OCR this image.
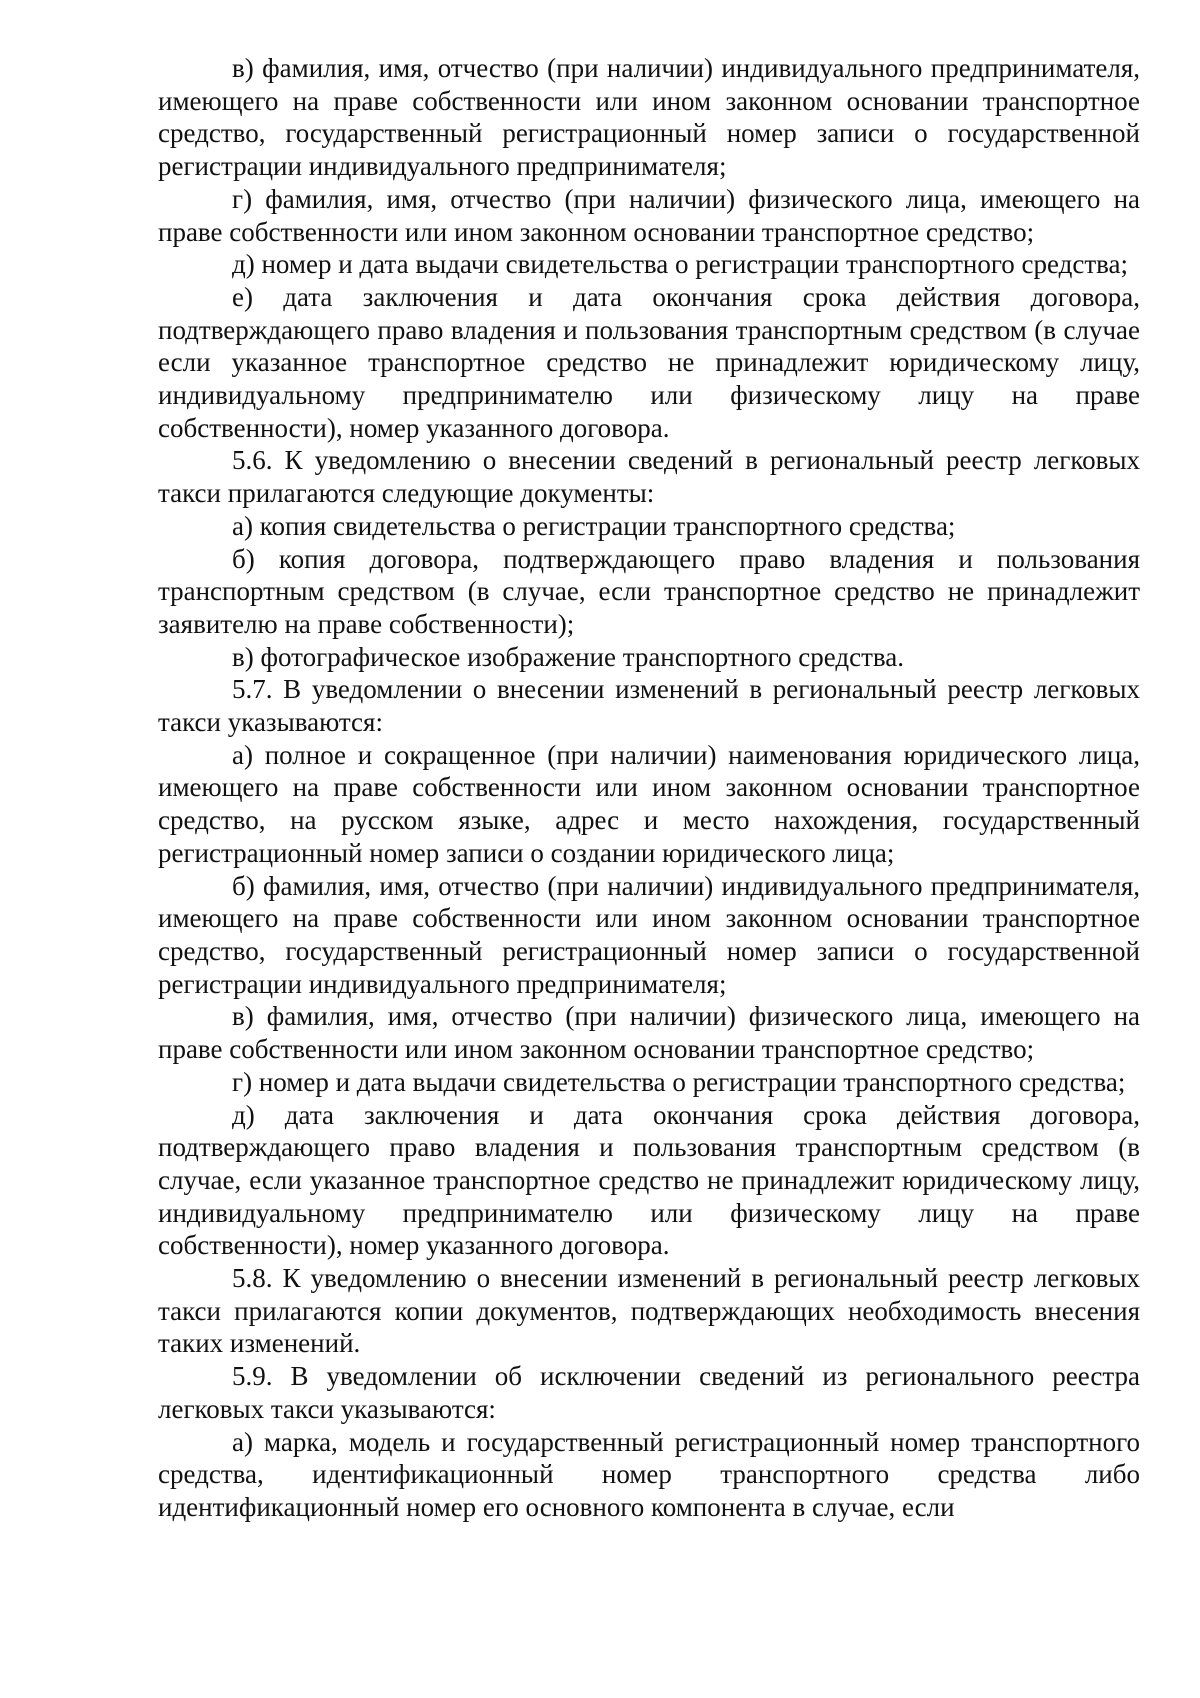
в) фамилия, имя, отчество (при наличии) индивидуального предпринимателя, имеющего на праве собственности или ином законном основании транспортное средство, государственный регистрационный номер записи о государственной регистрации индивидуального предпринимателя;

г) фамилия, имя, отчество (при наличии) физического лица, имеющего на праве собственности или ином законном основании транспортное средство;

д) номер и дата выдачи свидетельства о регистрации транспортного средства;

е) дата заключения и дата окончания срока действия договора, подтверждающего право владения и пользования транспортным средством (в случае если указанное транспортное средство не принадлежит юридическому лицу, индивидуальному предпринимателю или физическому лицу на праве собственности), номер указанного договора.

5.6. К уведомлению о внесении сведений в региональный реестр легковых такси прилагаются следующие документы:

а) копия свидетельства о регистрации транспортного средства;

б) копия договора, подтверждающего право владения и пользования транспортным средством (в случае, если транспортное средство не принадлежит заявителю на праве собственности);

в) фотографическое изображение транспортного средства.

5.7. В уведомлении о внесении изменений в региональный реестр легковых такси указываются:

а) полное и сокращенное (при наличии) наименования юридического лица, имеющего на праве собственности или ином законном основании транспортное средство, на русском языке, адрес и место нахождения, государственный регистрационный номер записи о создании юридического лица;

б) фамилия, имя, отчество (при наличии) индивидуального предпринимателя, имеющего на праве собственности или ином законном основании транспортное средство, государственный регистрационный номер записи о государственной регистрации индивидуального предпринимателя;

в) фамилия, имя, отчество (при наличии) физического лица, имеющего на праве собственности или ином законном основании транспортное средство;

г) номер и дата выдачи свидетельства о регистрации транспортного средства;

д) дата заключения и дата окончания срока действия договора, подтверждающего право владения и пользования транспортным средством (в случае, если указанное транспортное средство не принадлежит юридическому лицу, индивидуальному предпринимателю или физическому лицу на праве собственности), номер указанного договора.

5.8. К уведомлению о внесении изменений в региональный реестр легковых такси прилагаются копии документов, подтверждающих необходимость внесения таких изменений.

5.9. В уведомлении об исключении сведений из регионального реестра легковых такси указываются:

а) марка, модель и государственный регистрационный номер транспортного средства, идентификационный номер транспортного средства либо идентификационный номер его основного компонента в случае, если
